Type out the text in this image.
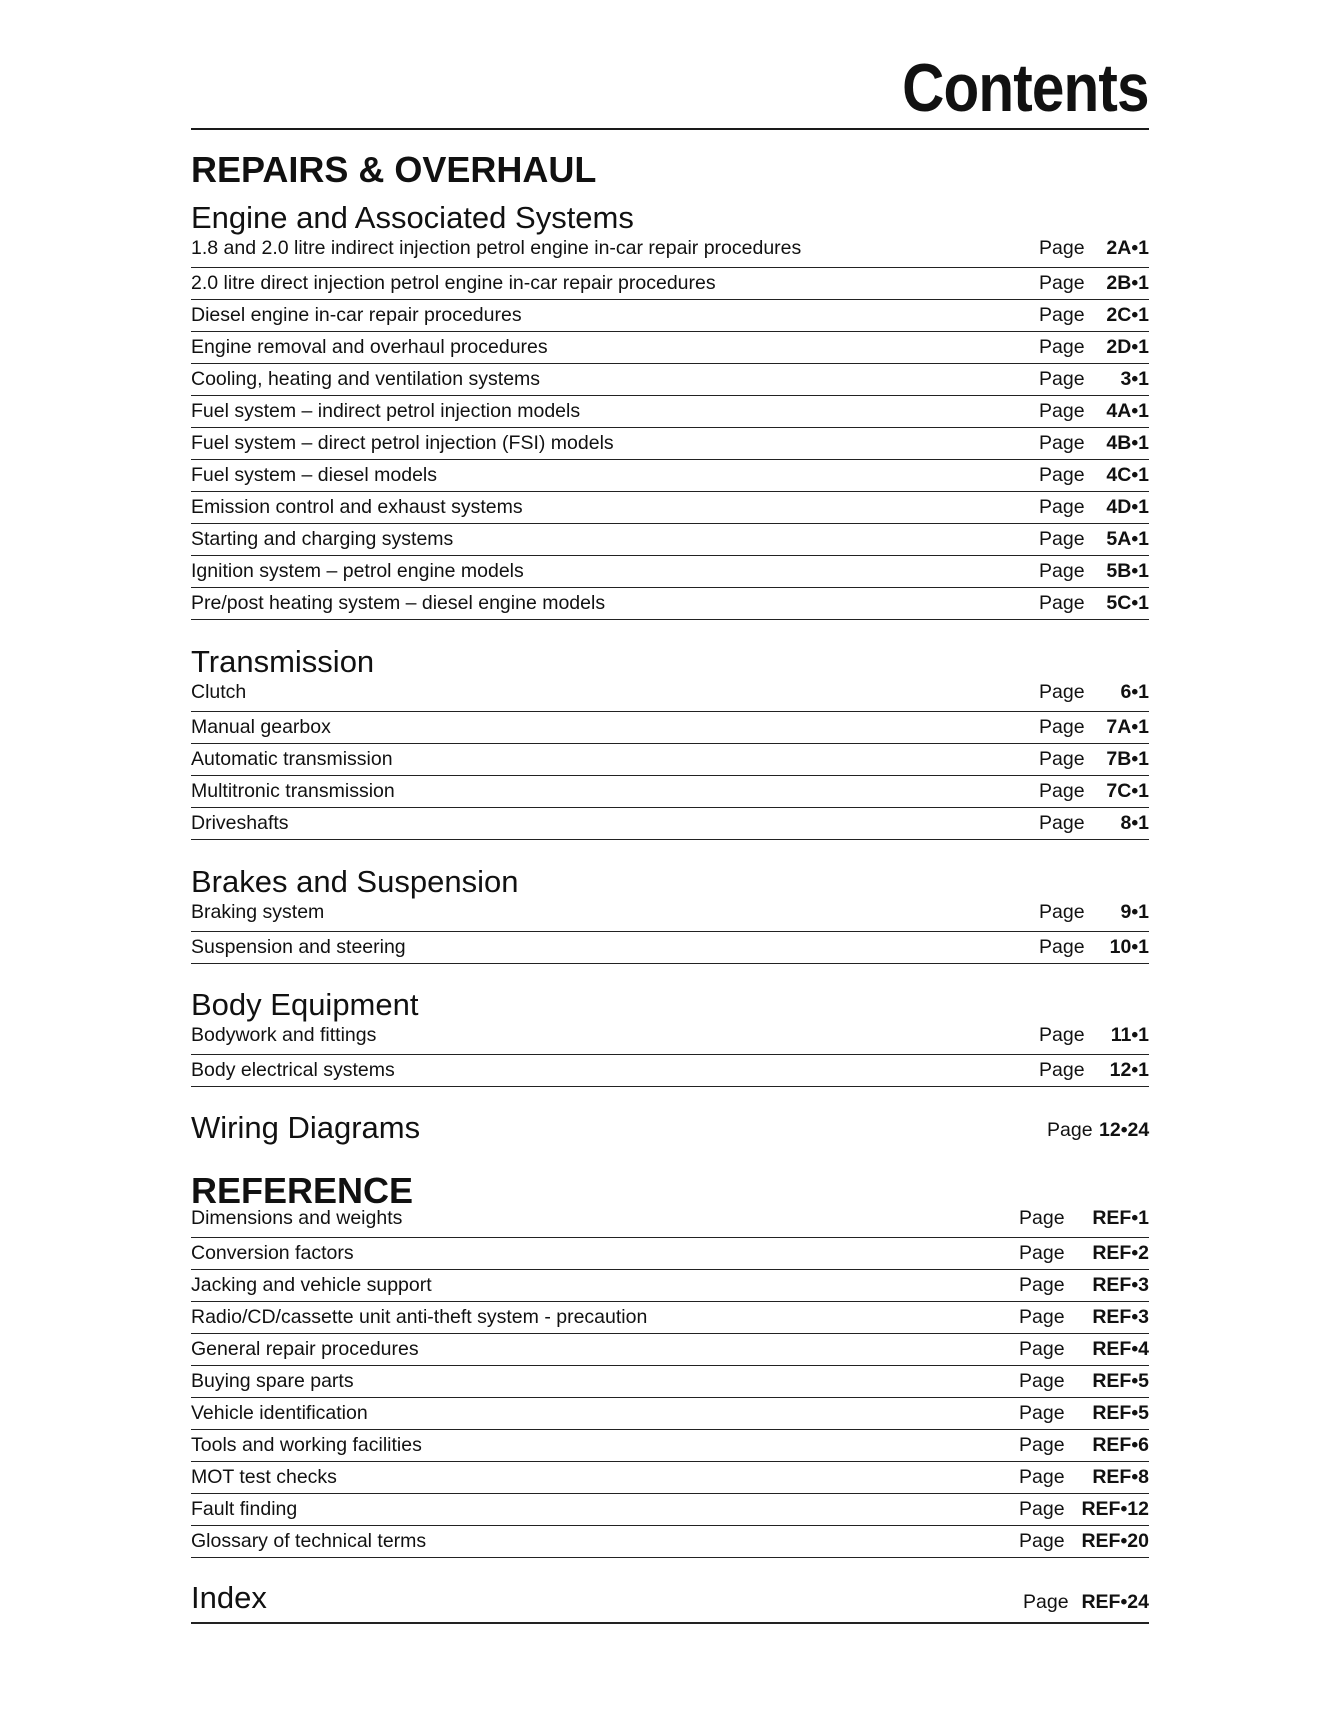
Contents
REPAIRS & OVERHAUL
Engine and Associated Systems
1.8 and 2.0 litre indirect injection petrol engine in-car repair procedures	Page 2A•1
2.0 litre direct injection petrol engine in-car repair procedures	Page 2B•1
Diesel engine in-car repair procedures	Page 2C•1
Engine removal and overhaul procedures	Page 2D•1
Cooling, heating and ventilation systems	Page 3•1
Fuel system – indirect petrol injection models	Page 4A•1
Fuel system – direct petrol injection (FSI) models	Page 4B•1
Fuel system – diesel models	Page 4C•1
Emission control and exhaust systems	Page 4D•1
Starting and charging systems	Page 5A•1
Ignition system – petrol engine models	Page 5B•1
Pre/post heating system – diesel engine models	Page 5C•1
Transmission
Clutch	Page 6•1
Manual gearbox	Page 7A•1
Automatic transmission	Page 7B•1
Multitronic transmission	Page 7C•1
Driveshafts	Page 8•1
Brakes and Suspension
Braking system	Page 9•1
Suspension and steering	Page 10•1
Body Equipment
Bodywork and fittings	Page 11•1
Body electrical systems	Page 12•1
Wiring Diagrams	Page 12•24
REFERENCE
Dimensions and weights	Page REF•1
Conversion factors	Page REF•2
Jacking and vehicle support	Page REF•3
Radio/CD/cassette unit anti-theft system - precaution	Page REF•3
General repair procedures	Page REF•4
Buying spare parts	Page REF•5
Vehicle identification	Page REF•5
Tools and working facilities	Page REF•6
MOT test checks	Page REF•8
Fault finding	Page REF•12
Glossary of technical terms	Page REF•20
Index	Page REF•24
